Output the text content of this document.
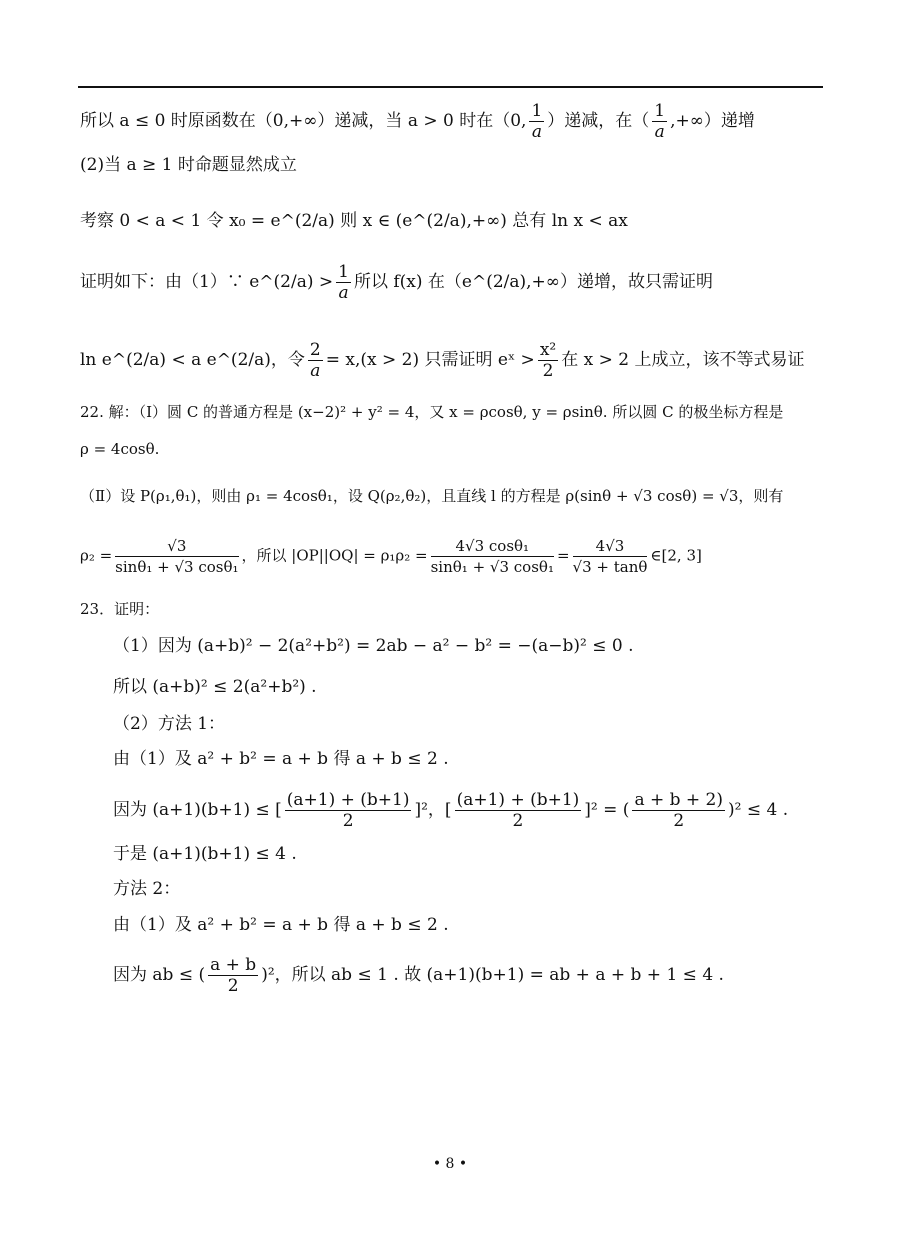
所以 a ≤ 0 时原函数在（0,+∞）递减，当 a > 0 时在（0, $\frac{1}{a}$ ）递减，在（ $\frac{1}{a}$ ,+∞）递增
(2)当 a ≥ 1 时命题显然成立
考察 0 < a < 1 令 x₀ = e^(2/a) 则 x ∈ (e^(2/a),+∞) 总有 ln x < ax
证明如下：由（1）∵ e^(2/a) > $\frac{1}{a}$ 所以 f(x) 在（e^(2/a),+∞）递增，故只需证明
ln e^(2/a) < a e^(2/a)，令 $\frac{2}{a} = x,(x > 2)$ 只需证明 eˣ > $\frac{\text{x²}}{2}$ 在 x > 2 上成立，该不等式易证
22. 解：（Ⅰ）圆 C 的普通方程是 (x−2)² + y² = 4，又 x = ρcosθ, y = ρsinθ. 所以圆 C 的极坐标方程是
ρ = 4cosθ.
（Ⅱ）设 P(ρ₁,θ₁)，则由 ρ₁ = 4cosθ₁，设 Q(ρ₂,θ₂)，且直线 l 的方程是 ρ(sinθ + √3 cosθ) = √3，则有
$\rho_2 = \frac{√3}{\text{sinθ₁ + √3 cosθ₁}}$ ，所以 $|OP||OQ| = \rho_1\rho_2 = \frac{\text{4√3 cosθ₁}}{\text{sinθ₁ + √3 cosθ₁}} = \frac{4√3}{√3 + \tan\theta}$ ∈[2, 3]
23．证明：
（1）因为 (a+b)² − 2(a²+b²) = 2ab − a² − b² = −(a−b)² ≤ 0 .
所以 (a+b)² ≤ 2(a²+b²) .
（2）方法 1：
由（1）及 a² + b² = a + b 得 a + b ≤ 2 .
因为 (a+1)(b+1) ≤ [ $\frac{(a+1) + (b+1)}{2} ]^2$，[ $\frac{(a+1) + (b+1)}{2} ]^2$ = ( $\frac{a + b + 2)}{2} )^2 \le 4$ .
于是 (a+1)(b+1) ≤ 4 .
方法 2：
由（1）及 a² + b² = a + b 得 a + b ≤ 2 .
因为 ab ≤ ( $\frac{a + b}{2} )^2$，所以 ab ≤ 1 . 故 (a+1)(b+1) = ab + a + b + 1 ≤ 4 .
• 8 •
